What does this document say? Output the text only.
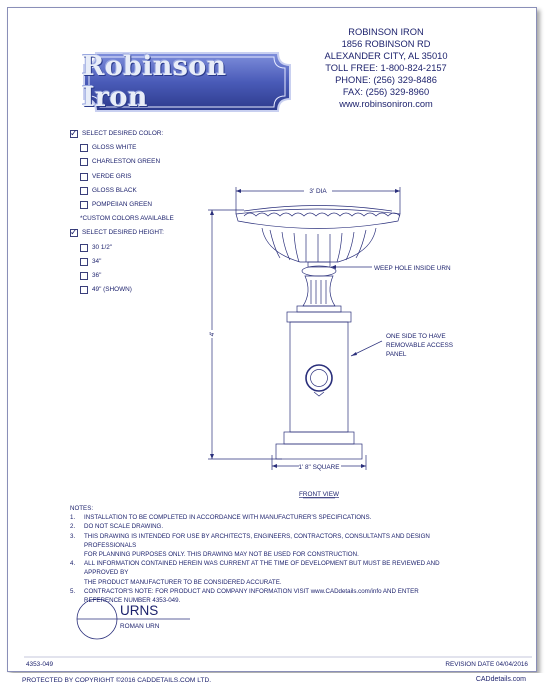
Robinson Iron
ROBINSON IRON
1856 ROBINSON RD
ALEXANDER CITY, AL 35010
TOLL FREE: 1-800-824-2157
PHONE: (256) 329-8486
FAX: (256) 329-8960
www.robinsoniron.com
✓
SELECT DESIRED COLOR:
GLOSS WHITE
CHARLESTON GREEN
VERDE GRIS
GLOSS BLACK
POMPEIIAN GREEN
*CUSTOM COLORS AVAILABLE
✓
SELECT DESIRED HEIGHT:
30 1/2"
34"
36"
49" (SHOWN)
3' DIA
4'
1' 8" SQUARE
WEEP HOLE INSIDE URN
ONE SIDE TO HAVE
REMOVABLE ACCESS
PANEL
FRONT VIEW
NOTES:
1.	INSTALLATION TO BE COMPLETED IN ACCORDANCE WITH MANUFACTURER'S SPECIFICATIONS.
2.	DO NOT SCALE DRAWING.
3.	THIS DRAWING IS INTENDED FOR USE BY ARCHITECTS, ENGINEERS, CONTRACTORS, CONSULTANTS AND DESIGN PROFESSIONALS
FOR PLANNING PURPOSES ONLY. THIS DRAWING MAY NOT BE USED FOR CONSTRUCTION.
4.	ALL INFORMATION CONTAINED HEREIN WAS CURRENT AT THE TIME OF DEVELOPMENT BUT MUST BE REVIEWED AND APPROVED BY
THE PRODUCT MANUFACTURER TO BE CONSIDERED ACCURATE.
5.	CONTRACTOR'S NOTE: FOR PRODUCT AND COMPANY INFORMATION VISIT www.CADdetails.com/info AND ENTER
REFERENCE NUMBER 4353-049.
URNS
ROMAN URN
4353-049	REVISION DATE 04/04/2016
PROTECTED BY COPYRIGHT ©2016 CADDETAILS.COM LTD.	CADdetails.com
